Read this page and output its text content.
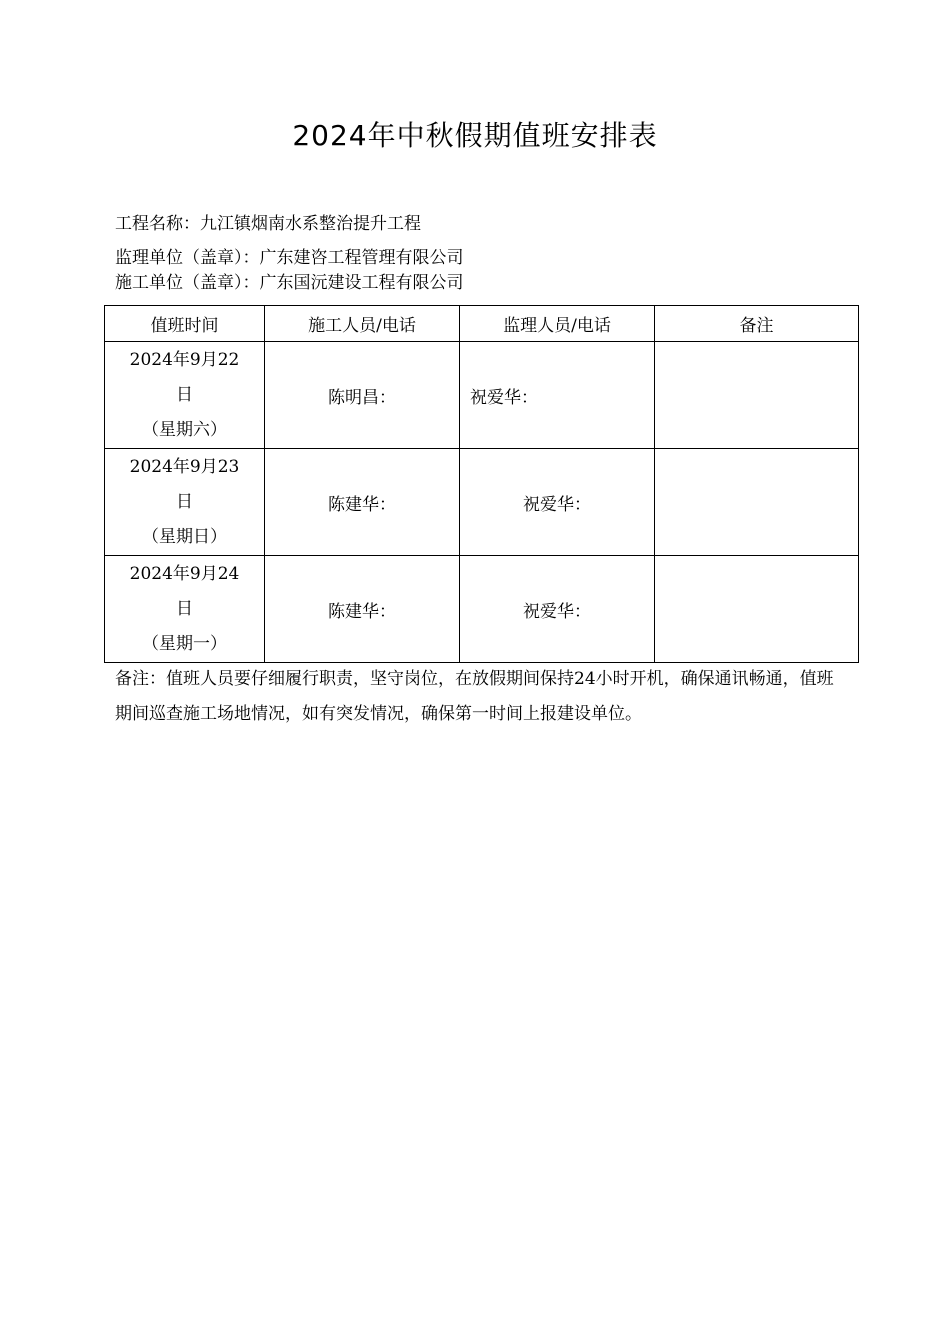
2024年中秋假期值班安排表
工程名称：九江镇烟南水系整治提升工程
监理单位（盖章）：广东建咨工程管理有限公司
施工单位（盖章）：广东国沅建设工程有限公司
值班时间	施工人员/电话	监理人员/电话	备注

2024年9月22
日
（星期六）	陈明昌：	祝爱华：	

2024年9月23
日
（星期日）	陈建华：	祝爱华：	

2024年9月24
日
（星期一）	陈建华：	祝爱华：	
备注：值班人员要仔细履行职责，坚守岗位，在放假期间保持24小时开机，确保通讯畅通，值班期间巡查施工场地情况，如有突发情况，确保第一时间上报建设单位。
